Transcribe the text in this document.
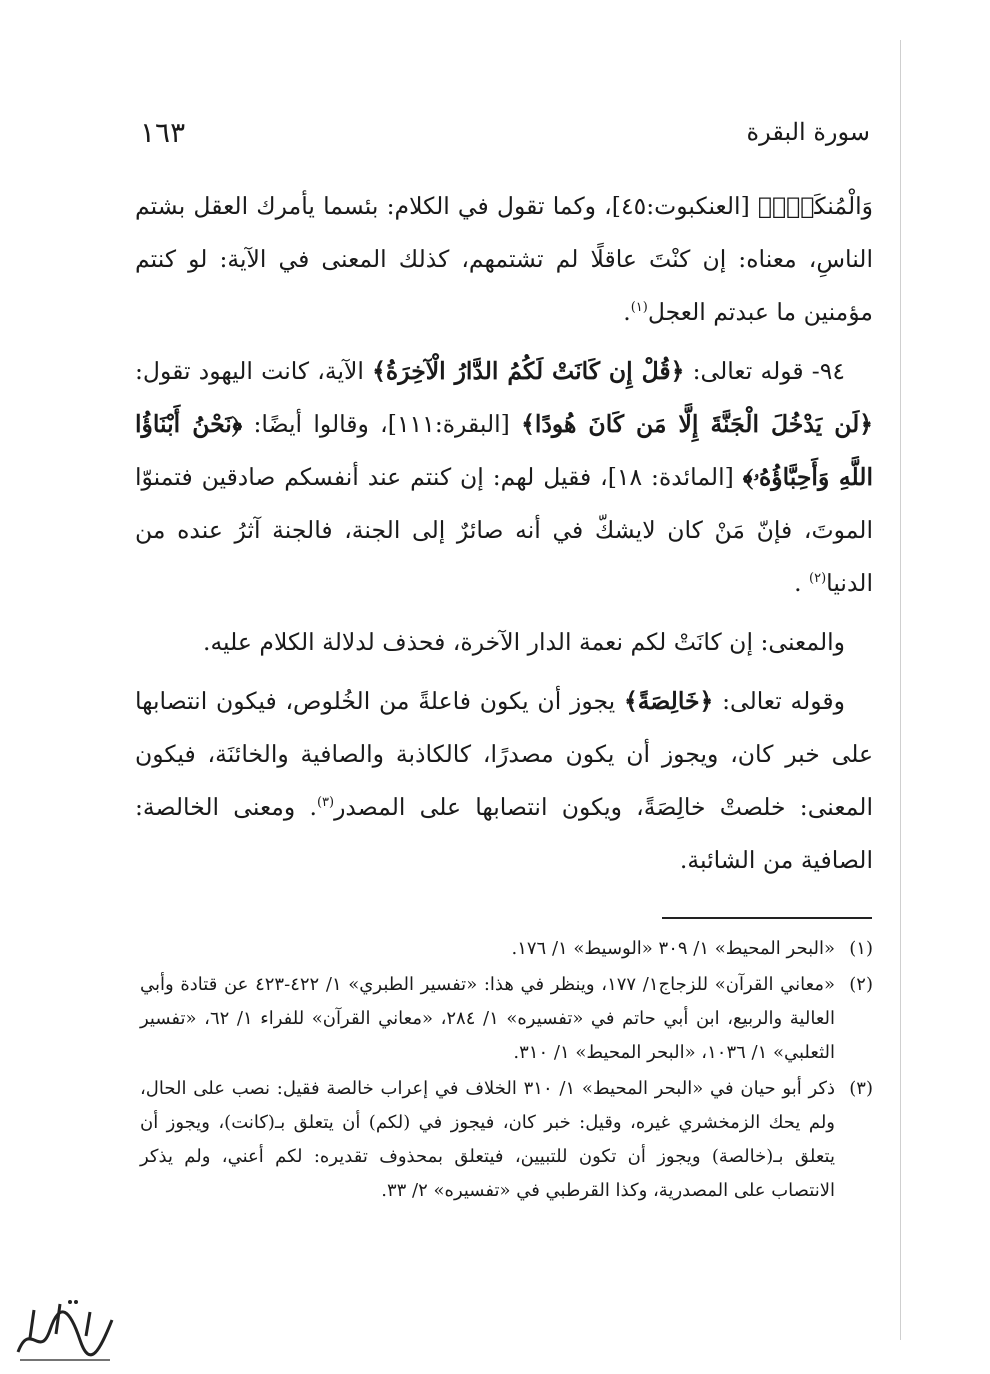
سورة البقرة
١٦٣

وَالْمُنكَرِۗ﴾ [العنكبوت:٤٥]، وكما تقول في الكلام: بئسما يأمرك العقل بشتم الناسِ، معناه: إن كنْتَ عاقلًا لم تشتمهم، كذلك المعنى في الآية: لو كنتم مؤمنين ما عبدتم العجل$^{(١)}$.

٩٤- قوله تعالى: ﴿قُلْ إِن كَانَتْ لَكُمُ الدَّارُ الْآخِرَةُ﴾ الآية، كانت اليهود تقول: ﴿لَن يَدْخُلَ الْجَنَّةَ إِلَّا مَن كَانَ هُودًا﴾ [البقرة:١١١]، وقالوا أيضًا: ﴿نَحْنُ أَبْنَاؤُا اللَّهِ وَأَحِبَّاؤُهُۥ﴾ [المائدة: ١٨]، فقيل لهم: إن كنتم عند أنفسكم صادقين فتمنوّا الموتَ، فإنّ مَنْ كان لايشكّ في أنه صائرٌ إلى الجنة، فالجنة آثرُ عنده من الدنيا$^{(٢)}$ .

والمعنى: إن كانَتْ لكم نعمة الدار الآخرة، فحذف لدلالة الكلام عليه.

وقوله تعالى: ﴿خَالِصَةً﴾ يجوز أن يكون فاعلةً من الخُلوص، فيكون انتصابها على خبر كان، ويجوز أن يكون مصدرًا، كالكاذبة والصافية والخائنَة، فيكون المعنى: خلصتْ خالِصَةً، ويكون انتصابها على المصدر$^{(٣)}$. ومعنى الخالصة: الصافية من الشائبة.

(١)
«البحر المحيط» ١/ ٣٠٩ «الوسيط» ١/ ١٧٦.
(٢)
«معاني القرآن» للزجاج١/ ١٧٧، وينظر في هذا: «تفسير الطبري» ١/ ٤٢٢-٤٢٣ عن قتادة وأبي العالية والربيع، ابن أبي حاتم في «تفسيره» ١/ ٢٨٤، «معاني القرآن» للفراء ١/ ٦٢، «تفسير الثعلبي» ١/ ١٠٣٦، «البحر المحيط» ١/ ٣١٠.
(٣)
ذكر أبو حيان في «البحر المحيط» ١/ ٣١٠ الخلاف في إعراب خالصة فقيل: نصب على الحال، ولم يحك الزمخشري غيره، وقيل: خبر كان، فيجوز في (لكم) أن يتعلق بـ(كانت)، ويجوز أن يتعلق بـ(خالصة) ويجوز أن تكون للتبيين، فيتعلق بمحذوف تقديره: لكم أعني، ولم يذكر الانتصاب على المصدرية، وكذا القرطبي في «تفسيره» ٢/ ٣٣.
